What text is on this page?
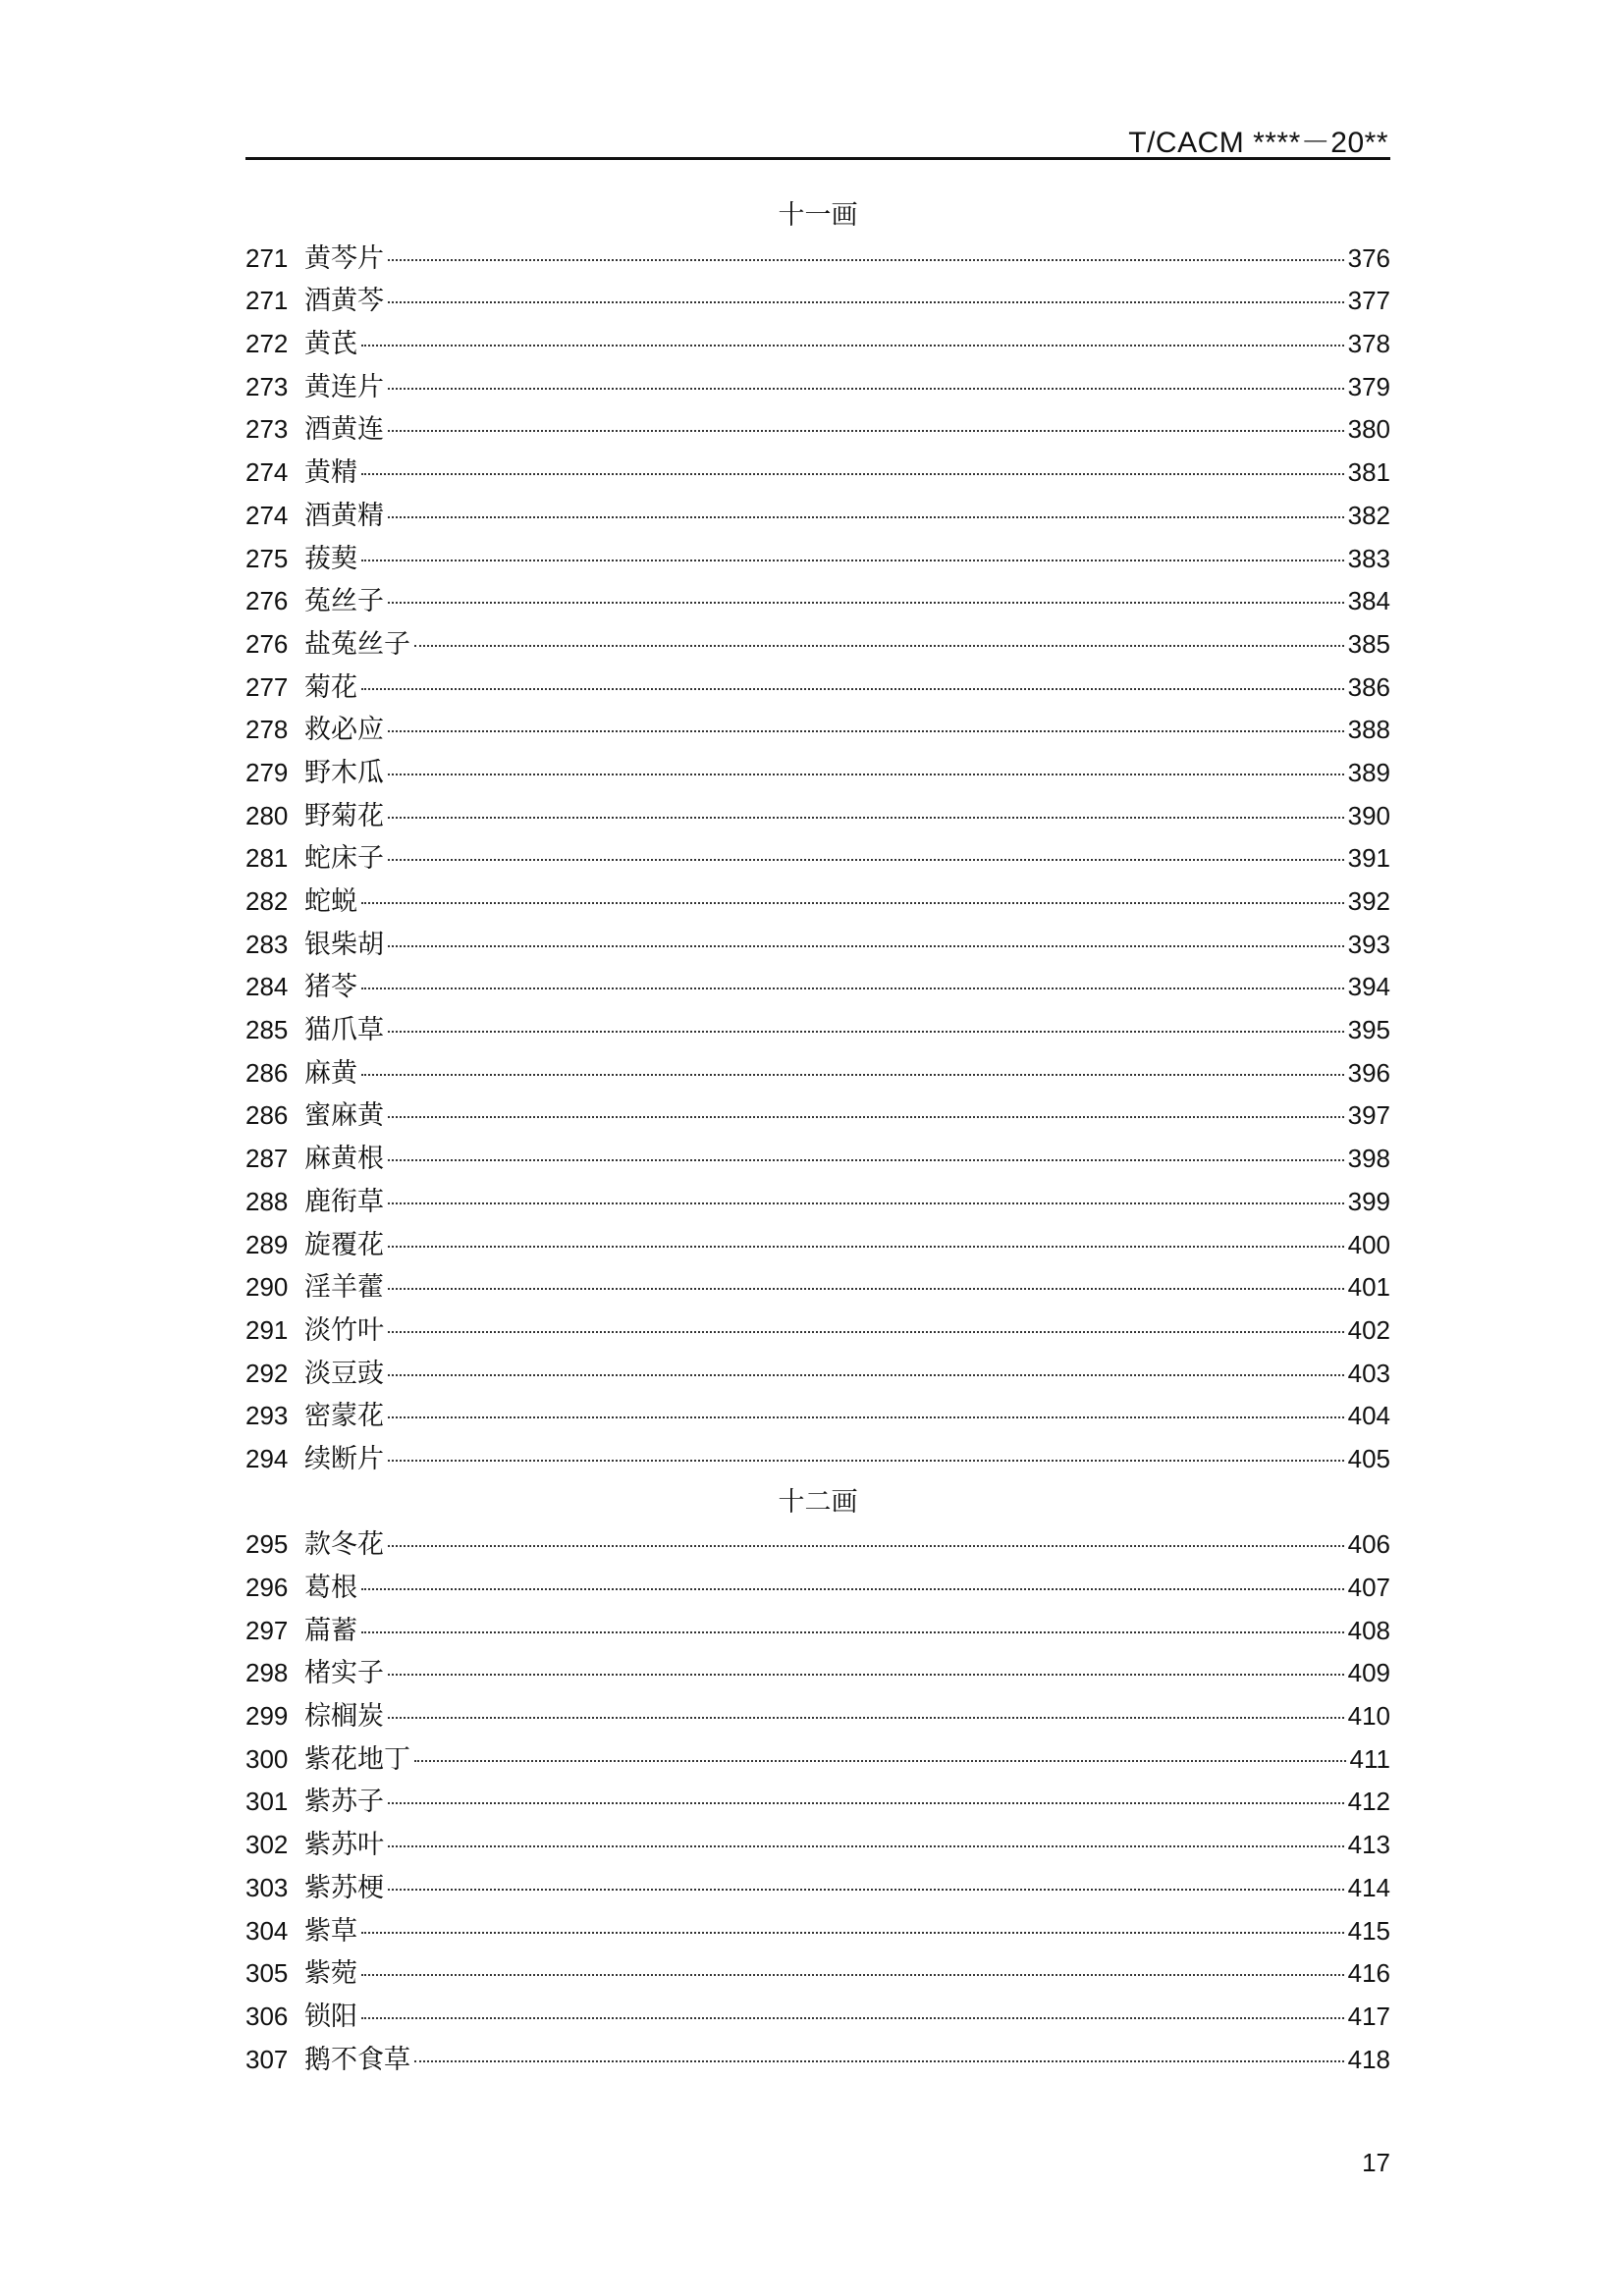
T/CACM ****－20**
十一画
271 黄芩片	376
271 酒黄芩	377
272 黄芪	378
273 黄连片	379
273 酒黄连	380
274 黄精	381
274 酒黄精	382
275 菝葜	383
276 菟丝子	384
276 盐菟丝子	385
277 菊花	386
278 救必应	388
279 野木瓜	389
280 野菊花	390
281 蛇床子	391
282 蛇蜕	392
283 银柴胡	393
284 猪苓	394
285 猫爪草	395
286 麻黄	396
286 蜜麻黄	397
287 麻黄根	398
288 鹿衔草	399
289 旋覆花	400
290 淫羊藿	401
291 淡竹叶	402
292 淡豆豉	403
293 密蒙花	404
294 续断片	405
十二画
295 款冬花	406
296 葛根	407
297 萹蓄	408
298 楮实子	409
299 棕榈炭	410
300 紫花地丁	411
301 紫苏子	412
302 紫苏叶	413
303 紫苏梗	414
304 紫草	415
305 紫菀	416
306 锁阳	417
307 鹅不食草	418
17
